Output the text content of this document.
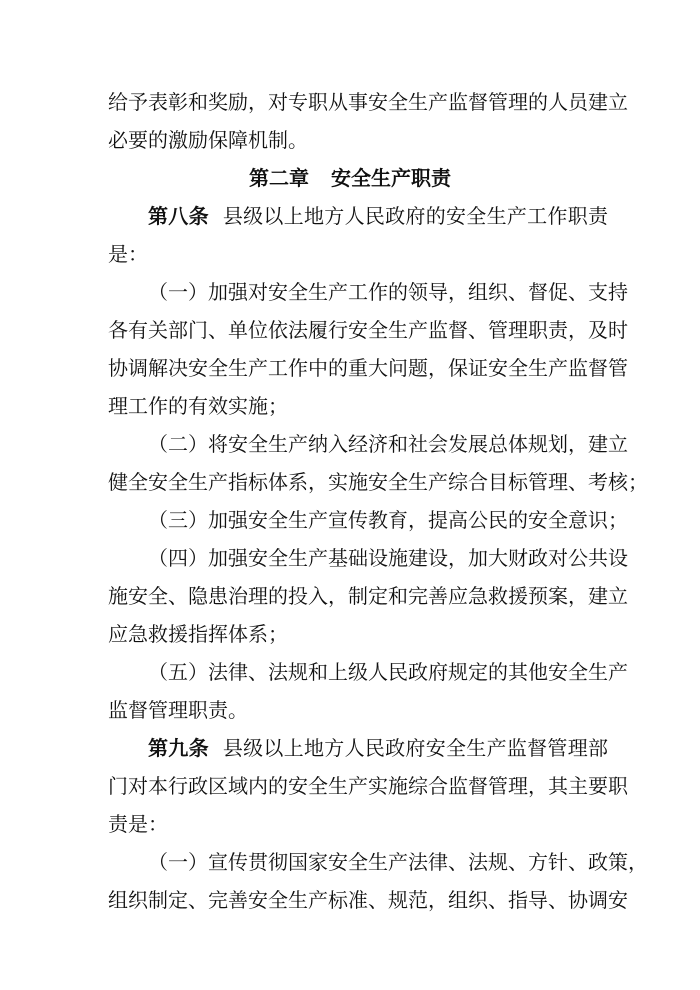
给予表彰和奖励，对专职从事安全生产监督管理的人员建立
必要的激励保障机制。
第二章 安全生产职责
第八条 县级以上地方人民政府的安全生产工作职责
是：
（一）加强对安全生产工作的领导，组织、督促、支持
各有关部门、单位依法履行安全生产监督、管理职责，及时
协调解决安全生产工作中的重大问题，保证安全生产监督管
理工作的有效实施；
（二）将安全生产纳入经济和社会发展总体规划，建立
健全安全生产指标体系，实施安全生产综合目标管理、考核；
（三）加强安全生产宣传教育，提高公民的安全意识；
（四）加强安全生产基础设施建设，加大财政对公共设
施安全、隐患治理的投入，制定和完善应急救援预案，建立
应急救援指挥体系；
（五）法律、法规和上级人民政府规定的其他安全生产
监督管理职责。
第九条 县级以上地方人民政府安全生产监督管理部
门对本行政区域内的安全生产实施综合监督管理，其主要职
责是：
（一）宣传贯彻国家安全生产法律、法规、方针、政策，
组织制定、完善安全生产标准、规范，组织、指导、协调安
